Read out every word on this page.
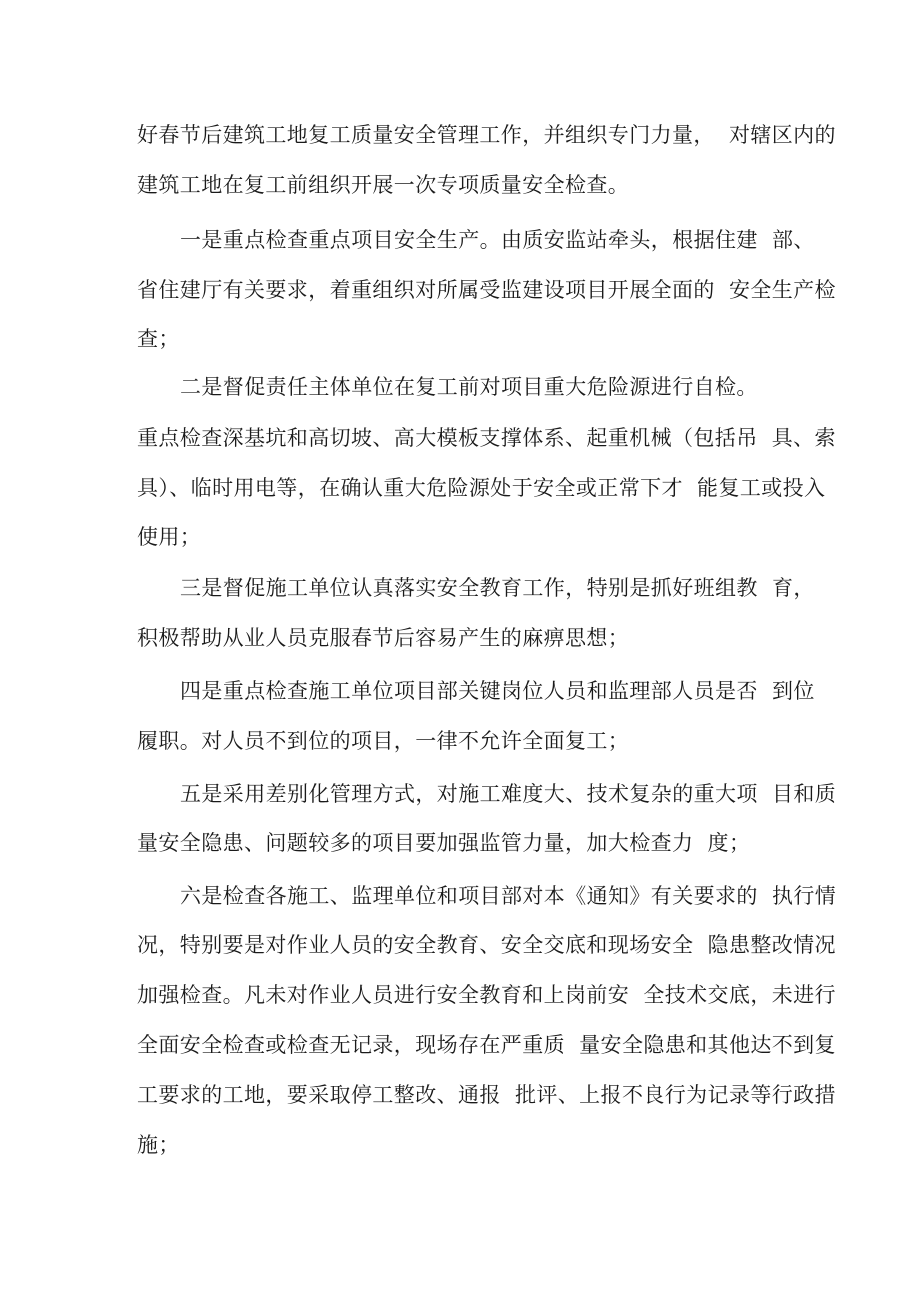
好春节后建筑工地复工质量安全管理工作，并组织专门力量，  对辖区内的
建筑工地在复工前组织开展一次专项质量安全检查。
一是重点检查重点项目安全生产。由质安监站牵头，根据住建  部、
省住建厅有关要求，着重组织对所属受监建设项目开展全面的  安全生产检
查；
二是督促责任主体单位在复工前对项目重大危险源进行自检。
重点检查深基坑和高切坡、高大模板支撑体系、起重机械（包括吊  具、索
具）、临时用电等，在确认重大危险源处于安全或正常下才  能复工或投入
使用；
三是督促施工单位认真落实安全教育工作，特别是抓好班组教  育，
积极帮助从业人员克服春节后容易产生的麻痹思想；
四是重点检查施工单位项目部关键岗位人员和监理部人员是否  到位
履职。对人员不到位的项目，一律不允许全面复工；
五是采用差别化管理方式，对施工难度大、技术复杂的重大项  目和质
量安全隐患、问题较多的项目要加强监管力量，加大检查力  度；
六是检查各施工、监理单位和项目部对本《通知》有关要求的  执行情
况，特别要是对作业人员的安全教育、安全交底和现场安全  隐患整改情况
加强检查。凡未对作业人员进行安全教育和上岗前安  全技术交底，未进行
全面安全检查或检查无记录，现场存在严重质  量安全隐患和其他达不到复
工要求的工地，要采取停工整改、通报  批评、上报不良行为记录等行政措
施；
